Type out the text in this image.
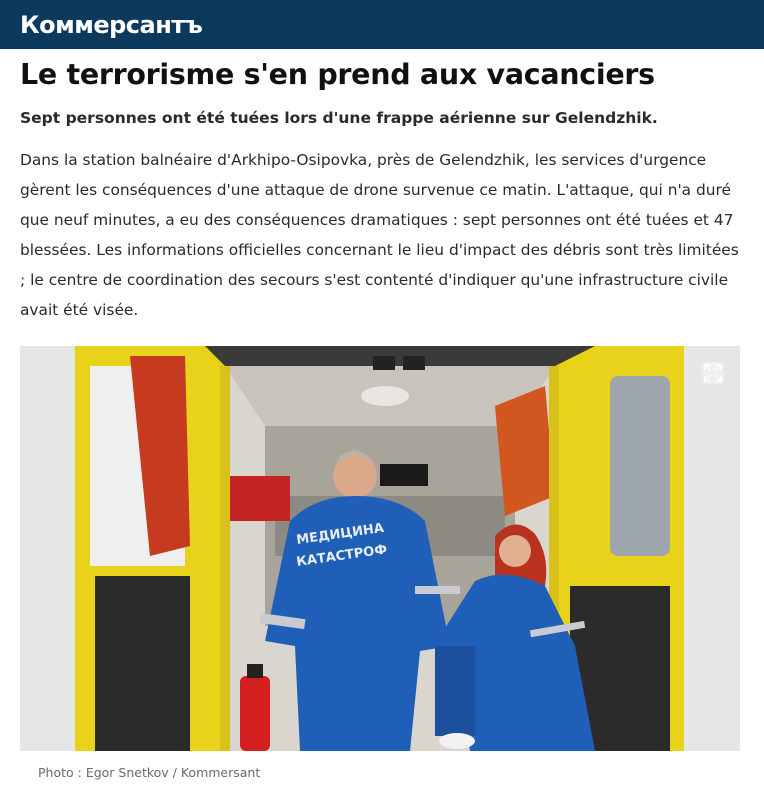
Коммерсантъ
Le terrorisme s'en prend aux vacanciers

Sept personnes ont été tuées lors d'une frappe aérienne sur Gelendzhik.

Dans la station balnéaire d'Arkhipo-Osipovka, près de Gelendzhik, les services d'urgence gèrent les conséquences d'une attaque de drone survenue ce matin. L'attaque, qui n'a duré que neuf minutes, a eu des conséquences dramatiques : sept personnes ont été tuées et 47 blessées. Les informations officielles concernant le lieu d'impact des débris sont très limitées ; le centre de coordination des secours s'est contenté d'indiquer qu'une infrastructure civile avait été visée.

МЕДИЦИНА
КАТАСТРОФ

Photo : Egor Snetkov / Kommersant
